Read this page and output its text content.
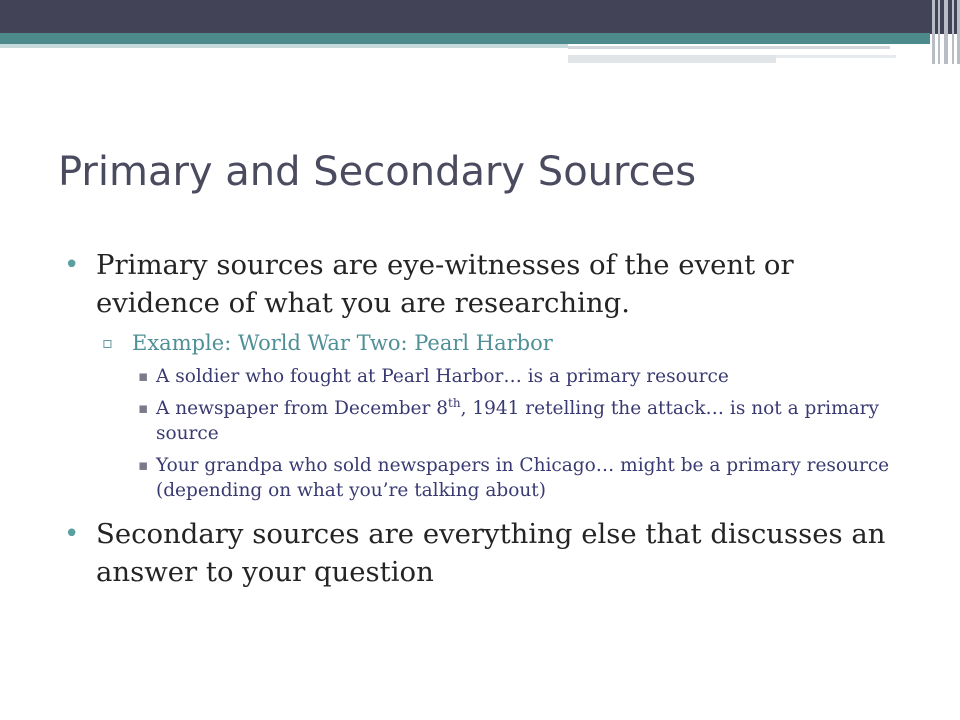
Primary and Secondary Sources
• Primary sources are eye-witnesses of the event or evidence of what you are researching.
▫ Example: World War Two: Pearl Harbor
▪ A soldier who fought at Pearl Harbor… is a primary resource
▪ A newspaper from December 8th, 1941 retelling the attack… is not a primary source
▪ Your grandpa who sold newspapers in Chicago… might be a primary resource (depending on what you’re talking about)
• Secondary sources are everything else that discusses an answer to your question
